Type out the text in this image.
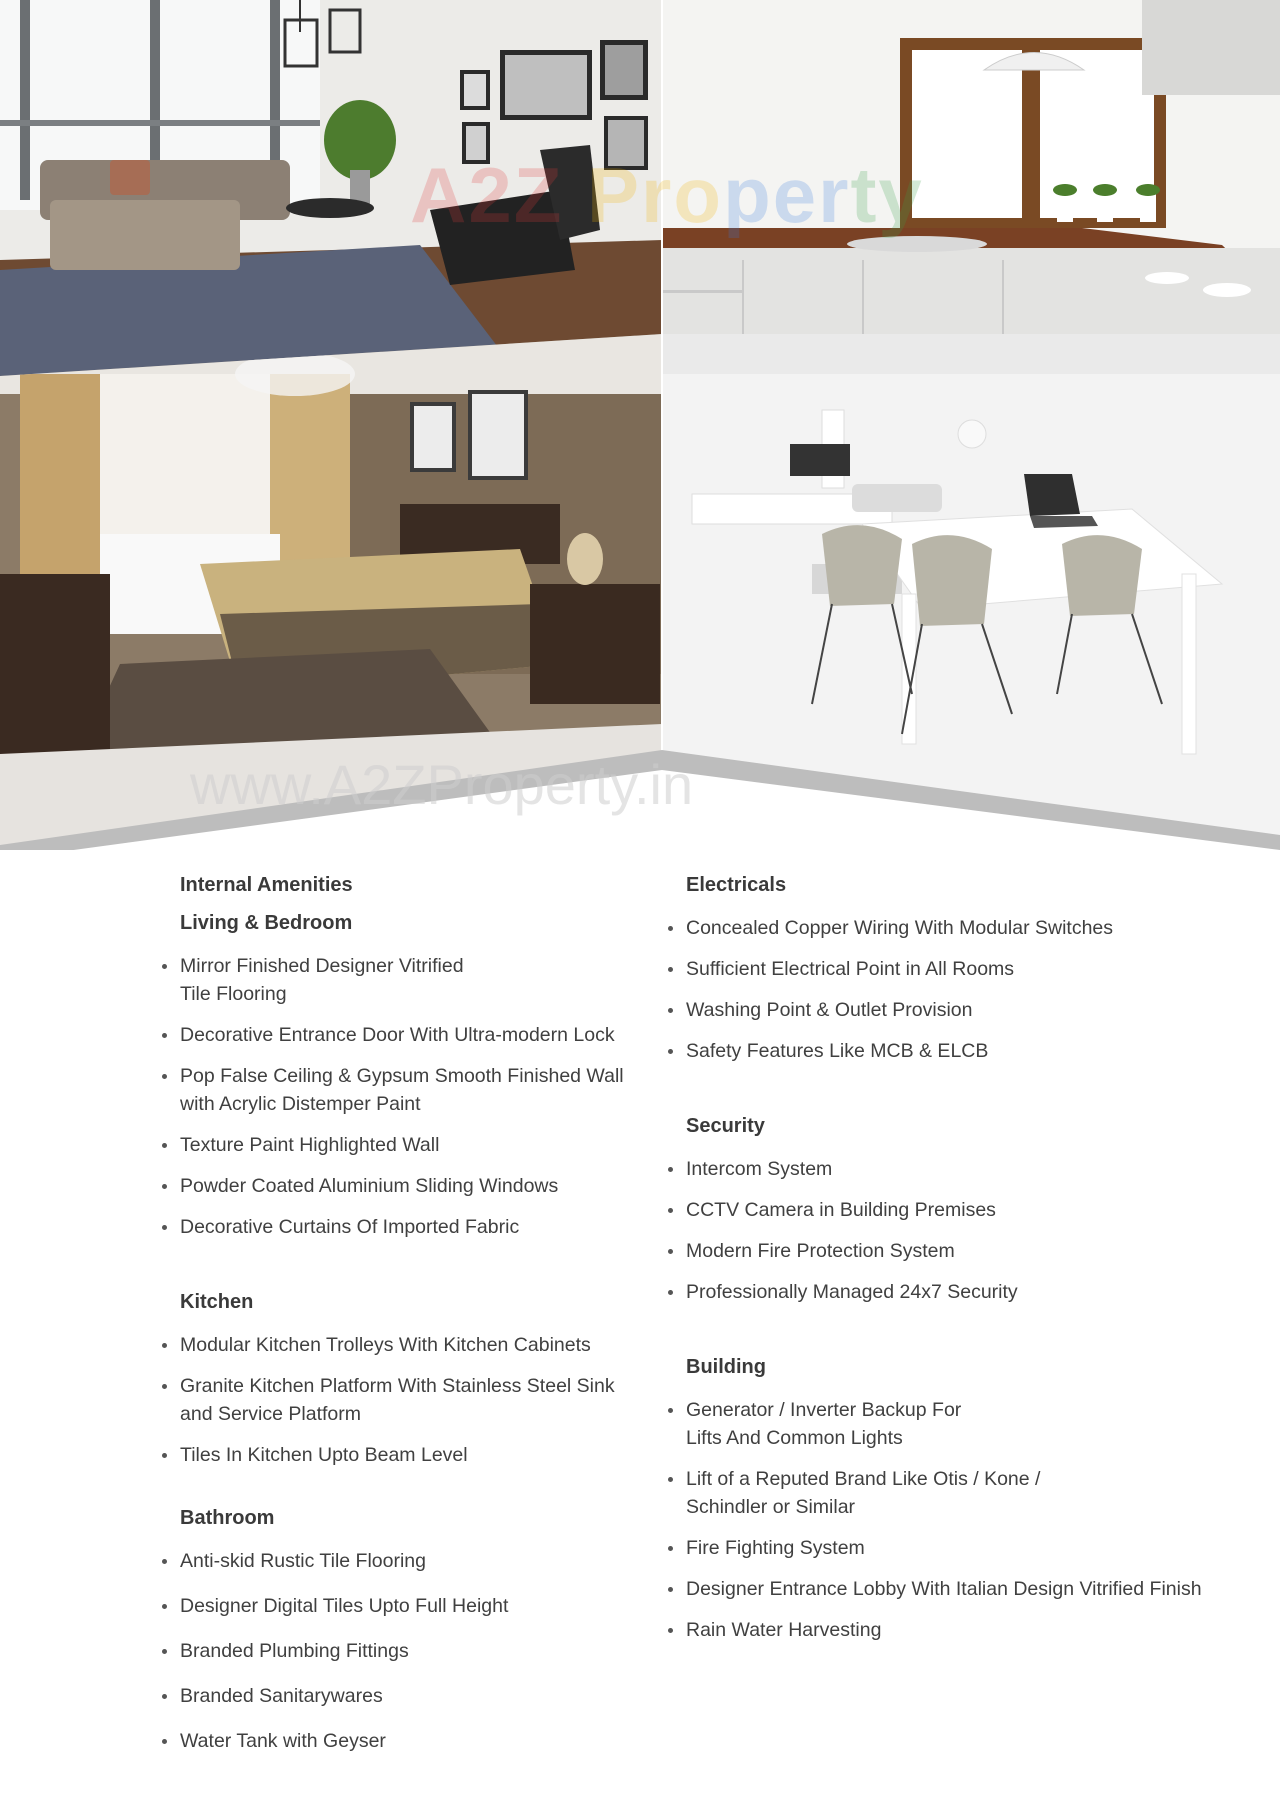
A2Z Property
www.A2ZProperty.in
Internal Amenities
Living & Bedroom
Mirror Finished Designer Vitrified Tile Flooring
Decorative Entrance Door With Ultra-modern Lock
Pop False Ceiling & Gypsum Smooth Finished Wall with Acrylic Distemper Paint
Texture Paint Highlighted Wall
Powder Coated Aluminium Sliding Windows
Decorative Curtains Of Imported Fabric
Kitchen
Modular Kitchen Trolleys With Kitchen Cabinets
Granite Kitchen Platform With Stainless Steel Sink and Service Platform
Tiles In Kitchen Upto Beam Level
Bathroom
Anti-skid Rustic Tile Flooring
Designer Digital Tiles Upto Full Height
Branded Plumbing Fittings
Branded Sanitarywares
Water Tank with Geyser
Electricals
Concealed Copper Wiring With Modular Switches
Sufficient Electrical Point in All Rooms
Washing Point & Outlet Provision
Safety Features Like MCB & ELCB
Security
Intercom System
CCTV Camera in Building Premises
Modern Fire Protection System
Professionally Managed 24x7 Security
Building
Generator / Inverter Backup For Lifts And Common Lights
Lift of a Reputed Brand Like Otis / Kone / Schindler or Similar
Fire Fighting System
Designer Entrance Lobby With Italian Design Vitrified Finish
Rain Water Harvesting
